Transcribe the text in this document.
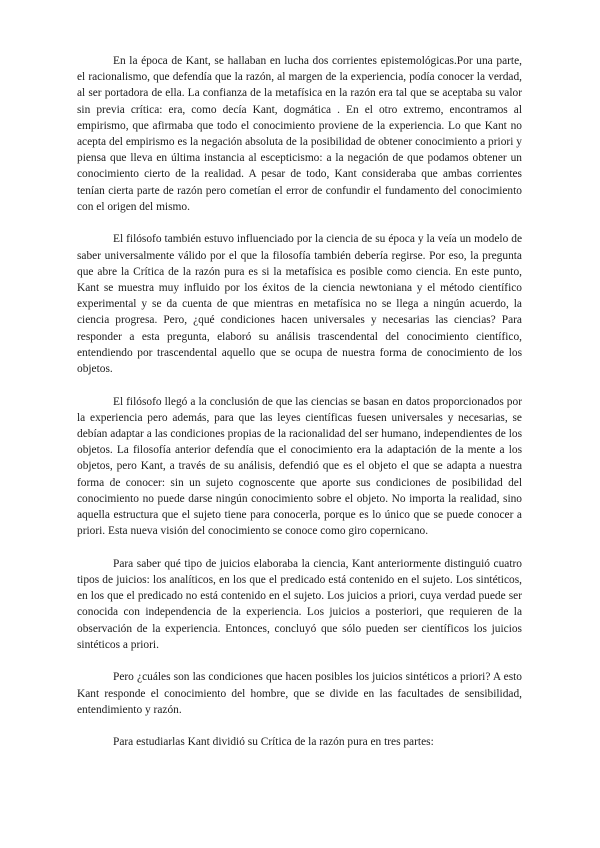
En la época de Kant, se hallaban en lucha dos corrientes epistemológicas.Por una parte, el racionalismo, que defendía que la razón, al margen de la experiencia, podía conocer la verdad, al ser portadora de ella. La confianza de la metafísica en la razón era tal que se aceptaba su valor sin previa crítica: era, como decía Kant, dogmática . En el otro extremo, encontramos al empirismo, que afirmaba que todo el conocimiento proviene de la experiencia. Lo que Kant no acepta del empirismo es la negación absoluta de la posibilidad de obtener conocimiento a priori y piensa que lleva en última instancia al escepticismo: a la negación de que podamos obtener un conocimiento cierto de la realidad. A pesar de todo, Kant consideraba que ambas corrientes tenían cierta parte de razón pero cometían el error de confundir el fundamento del conocimiento con el origen del mismo.

El filósofo también estuvo influenciado por la ciencia de su época y la veía un modelo de saber universalmente válido por el que la filosofía también debería regirse. Por eso, la pregunta que abre la Crítica de la razón pura es si la metafísica es posible como ciencia. En este punto, Kant se muestra muy influido por los éxitos de la ciencia newtoniana y el método científico experimental y se da cuenta de que mientras en metafísica no se llega a ningún acuerdo, la ciencia progresa. Pero, ¿qué condiciones hacen universales y necesarias las ciencias? Para responder a esta pregunta, elaboró su análisis trascendental del conocimiento científico, entendiendo por trascendental aquello que se ocupa de nuestra forma de conocimiento de los objetos.

El filósofo llegó a la conclusión de que las ciencias se basan en datos proporcionados por la experiencia pero además, para que las leyes científicas fuesen universales y necesarias, se debían adaptar a las condiciones propias de la racionalidad del ser humano, independientes de los objetos. La filosofía anterior defendía que el conocimiento era la adaptación de la mente a los objetos, pero Kant, a través de su análisis, defendió que es el objeto el que se adapta a nuestra forma de conocer: sin un sujeto cognoscente que aporte sus condiciones de posibilidad del conocimiento no puede darse ningún conocimiento sobre el objeto. No importa la realidad, sino aquella estructura que el sujeto tiene para conocerla, porque es lo único que se puede conocer a priori. Esta nueva visión del conocimiento se conoce como giro copernicano.

Para saber qué tipo de juicios elaboraba la ciencia, Kant anteriormente distinguió cuatro tipos de juicios: los analíticos, en los que el predicado está contenido en el sujeto. Los sintéticos, en los que el predicado no está contenido en el sujeto. Los juicios a priori, cuya verdad puede ser conocida con independencia de la experiencia. Los juicios a posteriori, que requieren de la observación de la experiencia. Entonces, concluyó que sólo pueden ser científicos los juicios sintéticos a priori.

Pero ¿cuáles son las condiciones que hacen posibles los juicios sintéticos a priori? A esto Kant responde el conocimiento del hombre, que se divide en las facultades de sensibilidad, entendimiento y razón.

Para estudiarlas Kant dividió su Crítica de la razón pura en tres partes:
